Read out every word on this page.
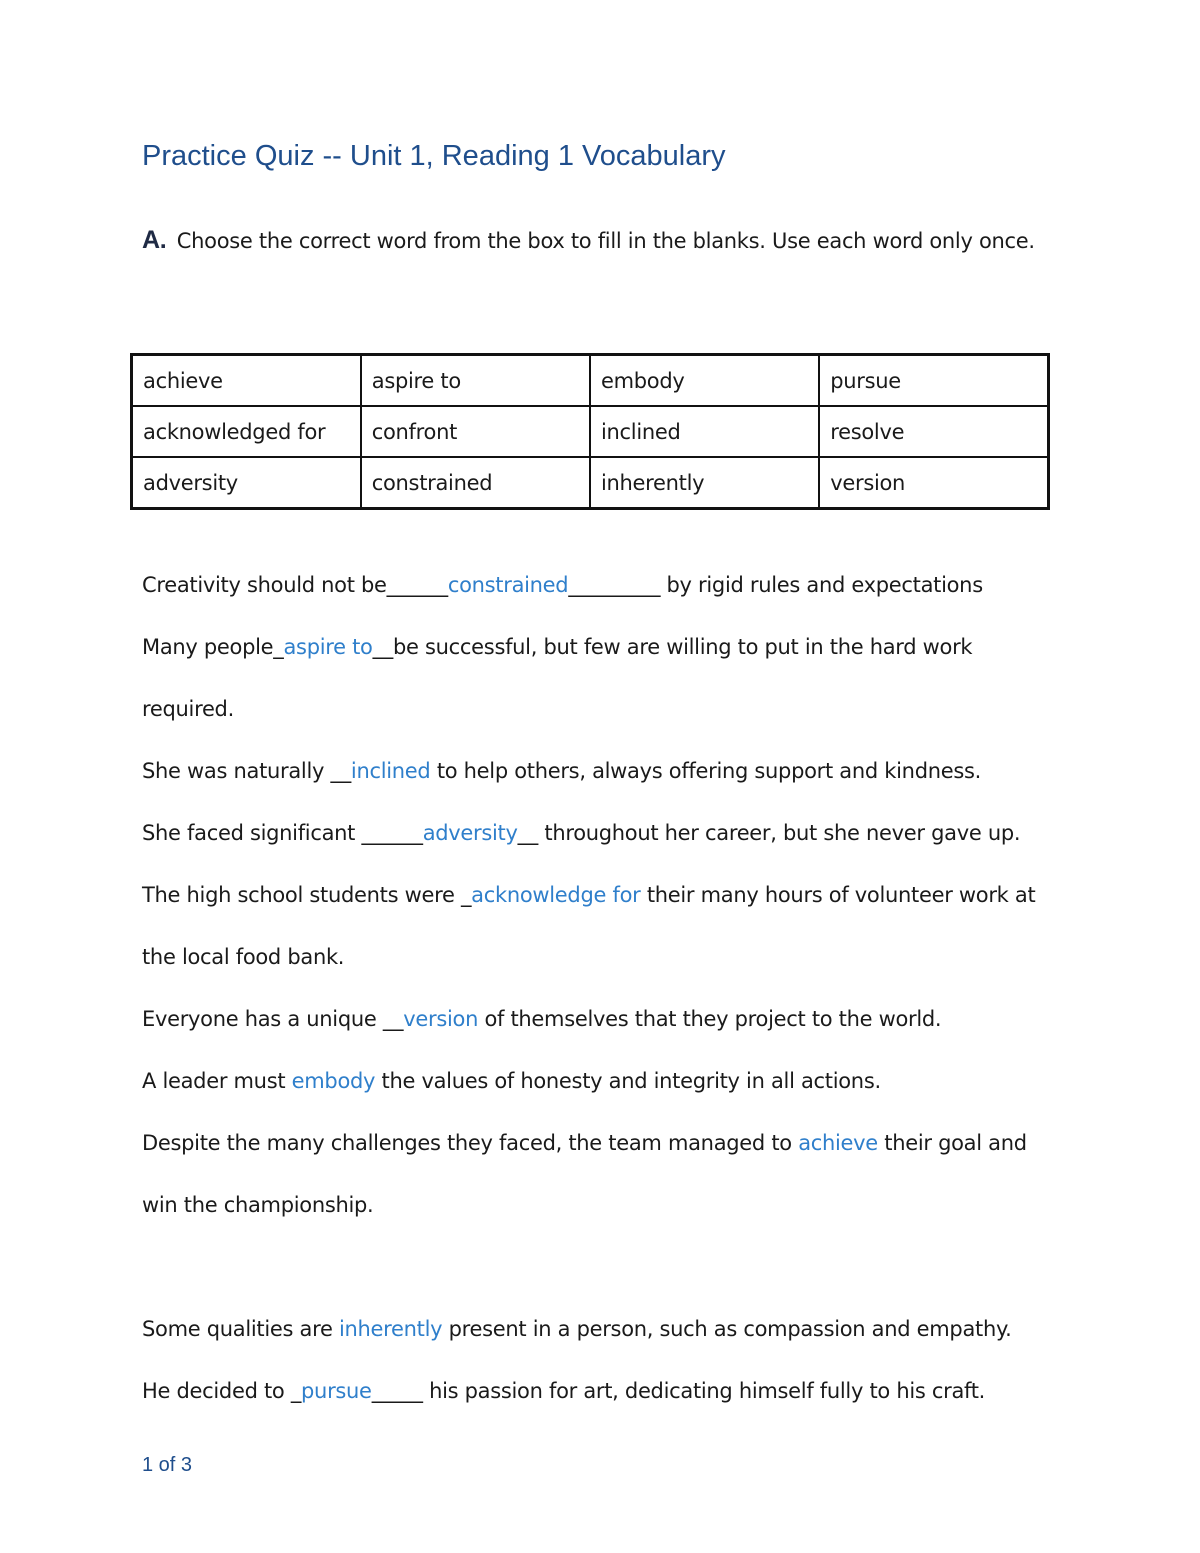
Practice Quiz -- Unit 1, Reading 1 Vocabulary
A. Choose the correct word from the box to fill in the blanks. Use each word only once.
achieve	aspire to	embody	pursue
acknowledged for	confront	inclined	resolve
adversity	constrained	inherently	version
Creativity should not be______constrained_________ by rigid rules and expectations
Many people_aspire to__be successful, but few are willing to put in the hard work
required.
She was naturally __inclined to help others, always offering support and kindness.
She faced significant ______adversity__ throughout her career, but she never gave up.
The high school students were _acknowledge for their many hours of volunteer work at
the local food bank.
Everyone has a unique __version of themselves that they project to the world.
A leader must embody the values of honesty and integrity in all actions.
Despite the many challenges they faced, the team managed to achieve their goal and
win the championship.
Some qualities are inherently present in a person, such as compassion and empathy.
He decided to _pursue_____ his passion for art, dedicating himself fully to his craft.
1 of 3
